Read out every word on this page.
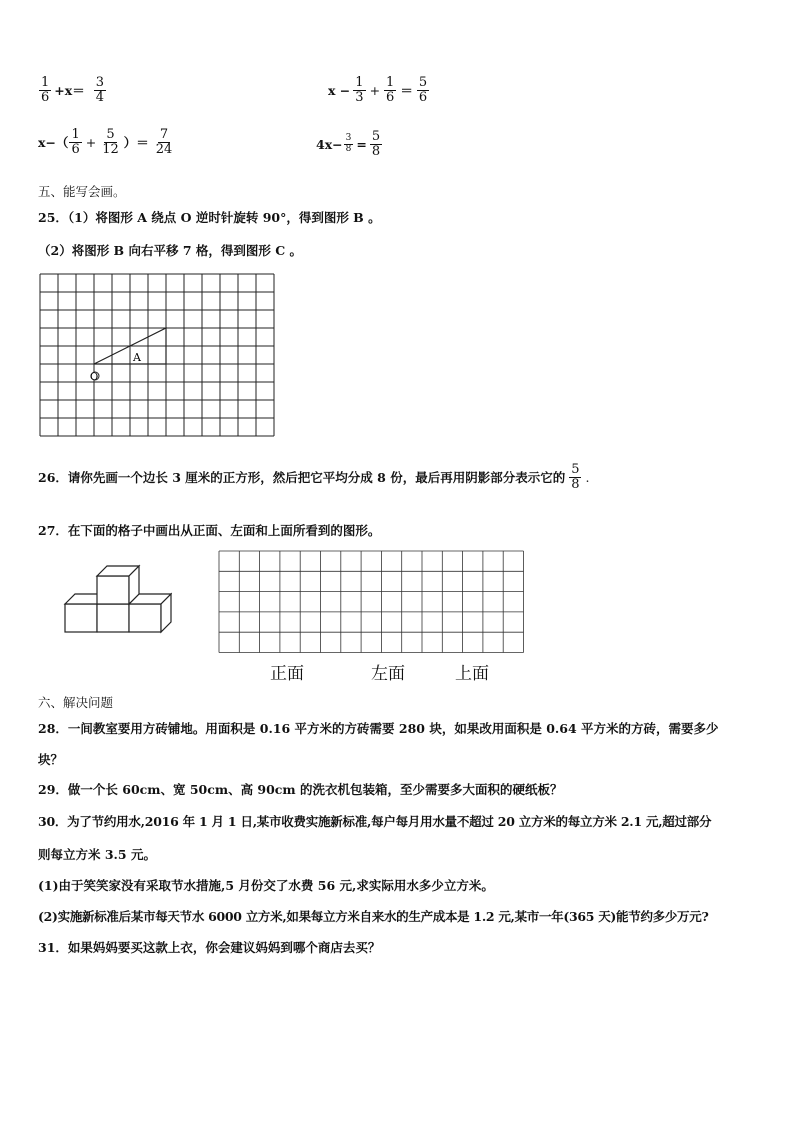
$\frac{1}{6} +x= \frac{3}{4}$	$x - \frac{1}{3} + \frac{1}{6} = \frac{5}{6}$
$x-( \frac{1}{6} + \frac{5}{12}$ ）＝ $\frac{7}{24}$	$4x- \frac{3}{8} = \frac{5}{8}$
五、能写会画。
25．（1）将图形 A 绕点 O 逆时针旋转 90°，得到图形 B 。
（2）将图形 B 向右平移 7 格，得到图形 C 。
A
O
26．请你先画一个边长 3 厘米的正方形，然后把它平均分成 8 份，最后再用阴影部分表示它的 $\frac{5}{8}$ .
27．在下面的格子中画出从正面、左面和上面所看到的图形。
正面	左面	上面
六、解决问题
28．一间教室要用方砖铺地。用面积是 0.16 平方米的方砖需要 280 块，如果改用面积是 0.64 平方米的方砖，需要多少
块？
29．做一个长 60cm、宽 50cm、高 90cm 的洗衣机包装箱，至少需要多大面积的硬纸板？
30．为了节约用水,2016 年 1 月 1 日,某市收费实施新标准,每户每月用水量不超过 20 立方米的每立方米 2.1 元,超过部分
则每立方米 3.5 元。
(1)由于笑笑家没有采取节水措施,5 月份交了水费 56 元,求实际用水多少立方米。
(2)实施新标准后某市每天节水 6000 立方米,如果每立方米自来水的生产成本是 1.2 元,某市一年(365 天)能节约多少万元?
31．如果妈妈要买这款上衣，你会建议妈妈到哪个商店去买？
